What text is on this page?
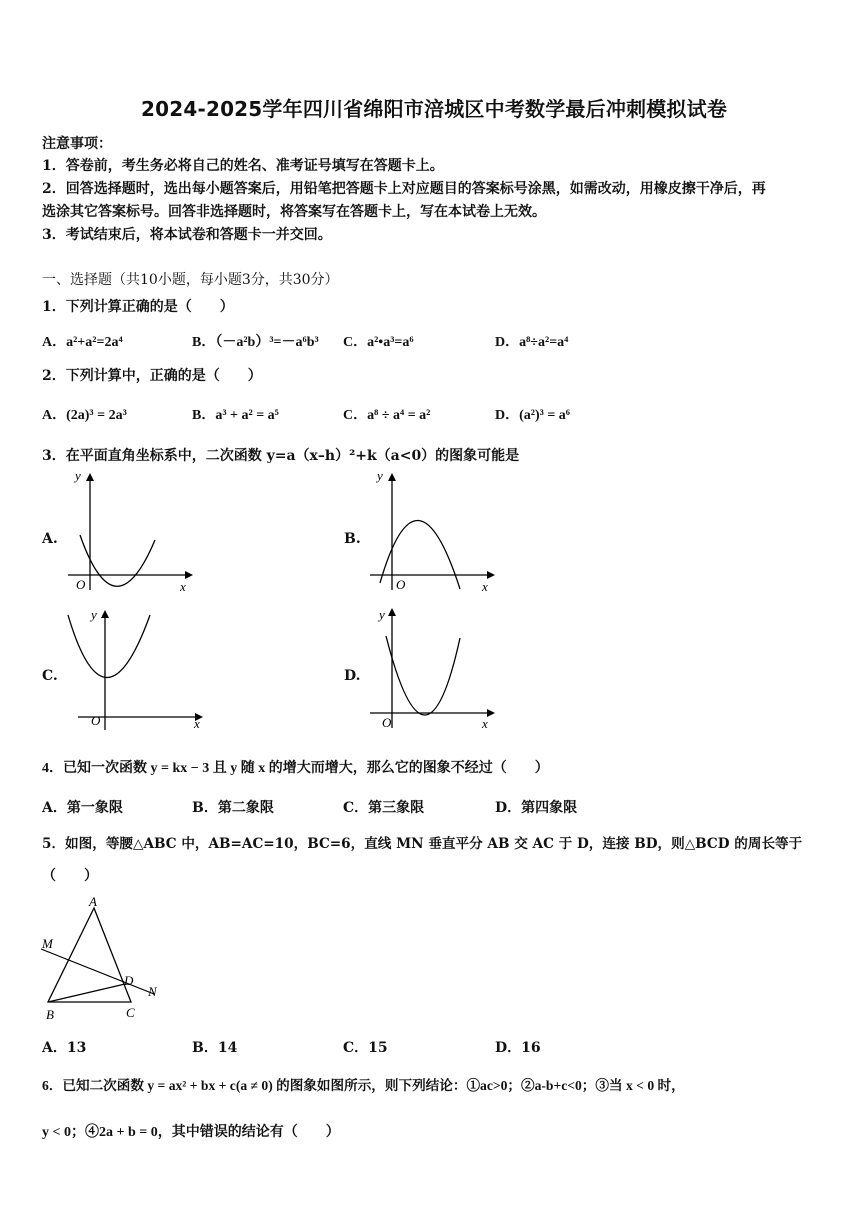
2024-2025学年四川省绵阳市涪城区中考数学最后冲刺模拟试卷
注意事项：
1．答卷前，考生务必将自己的姓名、准考证号填写在答题卡上。
2．回答选择题时，选出每小题答案后，用铅笔把答题卡上对应题目的答案标号涂黑，如需改动，用橡皮擦干净后，再
选涂其它答案标号。回答非选择题时，将答案写在答题卡上，写在本试卷上无效。
3．考试结束后，将本试卷和答题卡一并交回。
一、选择题（共10小题，每小题3分，共30分）
1．下列计算正确的是（　　）
A．a²+a²=2a⁴	B．（－a²b）³=－a⁶b³ C．a²•a³=a⁶	D．a⁸÷a²=a⁴
2．下列计算中，正确的是（　　）
A．(2a)³ = 2a³	B．a³ + a² = a⁵	C．a⁸ ÷ a⁴ = a²	D．(a²)³ = a⁶
3．在平面直角坐标系中，二次函数 y=a（x–h）²+k（a<0）的图象可能是
A.	B.
C.	D.
y
x
O
y
x
O
y
x
O
y
x
O
4．已知一次函数 y = kx − 3 且 y 随 x 的增大而增大，那么它的图象不经过（　　）
A．第一象限	B．第二象限	C．第三象限	D．第四象限
5．如图，等腰△ABC 中，AB=AC=10，BC=6，直线 MN 垂直平分 AB 交 AC 于 D，连接 BD，则△BCD 的周长等于
（　　）
A
M
D
N
B	C
A．13	B．14	C．15	D．16
6．已知二次函数 y = ax² + bx + c(a ≠ 0) 的图象如图所示，则下列结论：①ac>0；②a-b+c<0；③当 x < 0 时，
y < 0；④2a + b = 0，其中错误的结论有（　　）
